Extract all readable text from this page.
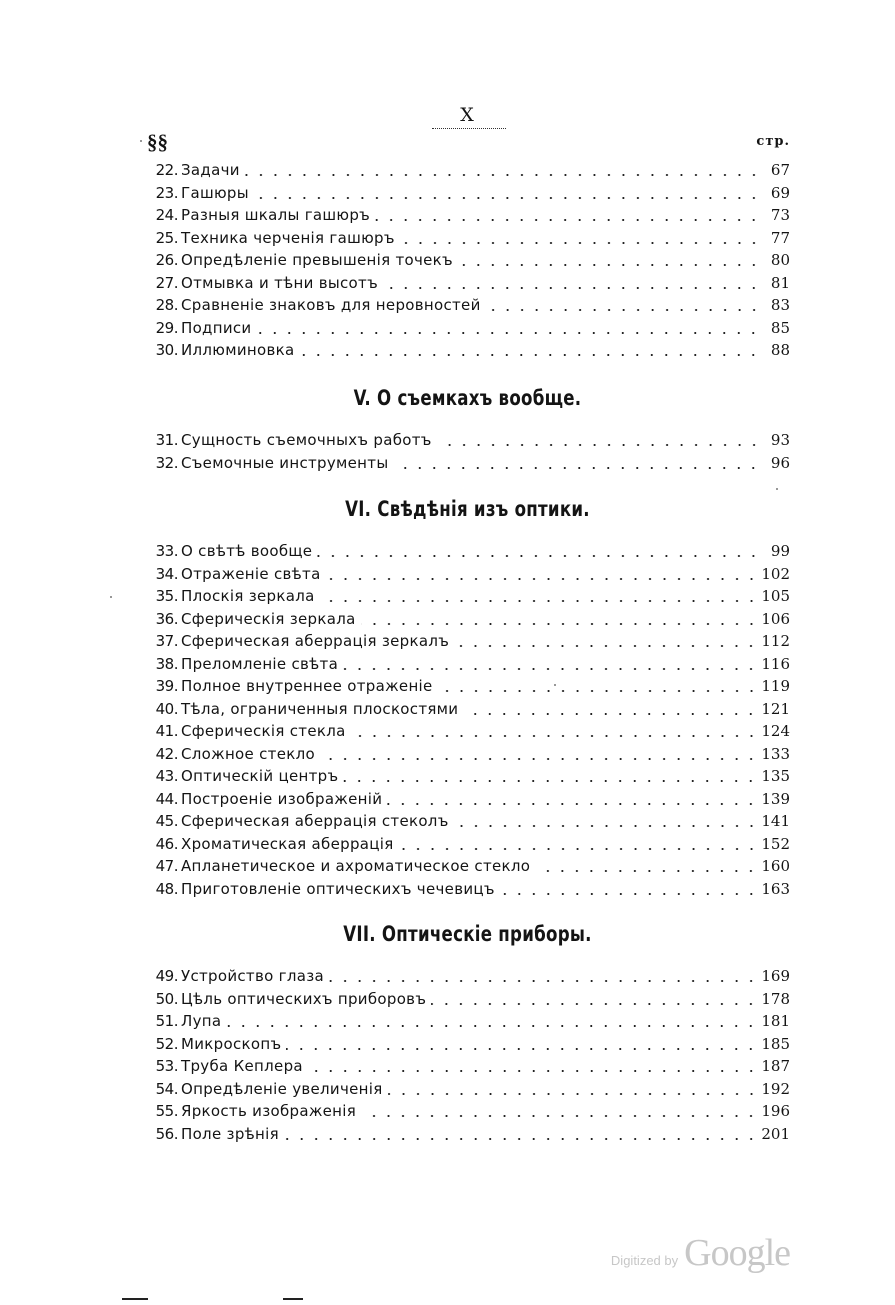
X
§§	стр.
22. Задачи	67
23. Гашюры	69
24. Разныя шкалы гашюръ	73
25. Техника черченія гашюръ	77
26. Опредѣленіе превышенія точекъ	80
27. Отмывка и тѣни высотъ	81
28. Сравненіе знаковъ для неровностей	83
29. Подписи	85
30. Иллюминовка	88
V. О съемкахъ вообще.
31. Сущность съемочныхъ работъ	93
32. Съемочные инструменты	96
VI. Свѣдѣнія изъ оптики.
33. О свѣтѣ вообще	99
34. Отраженіе свѣта	102
35. Плоскія зеркала	105
36. Сферическія зеркала	106
37. Сферическая аберрація зеркалъ	112
38. Преломленіе свѣта	116
39. Полное внутреннее отраженіе	119
40. Тѣла, ограниченныя плоскостями	121
41. Сферическія стекла	124
42. Сложное стекло	133
43. Оптическій центръ	135
44. Построеніе изображеній	139
45. Сферическая аберрація стеколъ	141
46. Хроматическая аберрація	152
47. Апланетическое и ахроматическое стекло	160
48. Приготовленіе оптическихъ чечевицъ	163
VII. Оптическіе приборы.
49. Устройство глаза	169
50. Цѣль оптическихъ приборовъ	178
51. Лупа	181
52. Микроскопъ	185
53. Труба Кеплера	187
54. Опредѣленіе увеличенія	192
55. Яркость изображенія	196
56. Поле зрѣнія	201
Digitized by Google
